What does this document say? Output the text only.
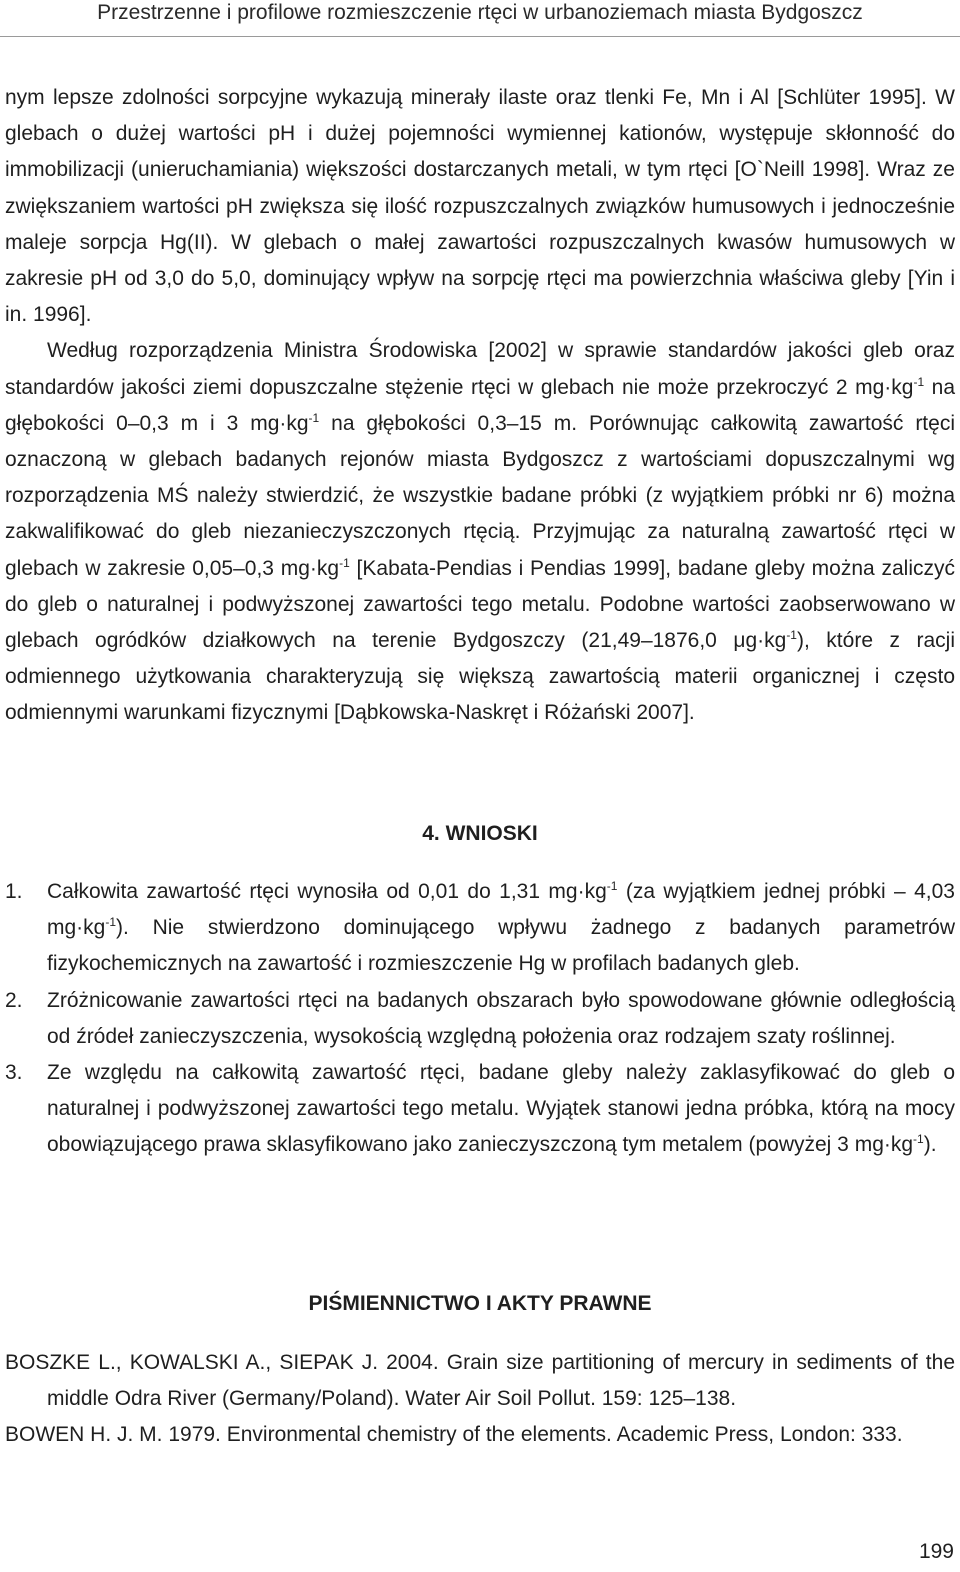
Przestrzenne i profilowe rozmieszczenie rtęci w urbanoziemach miasta Bydgoszcz

nym lepsze zdolności sorpcyjne wykazują minerały ilaste oraz tlenki Fe, Mn i Al [Schlüter 1995]. W glebach o dużej wartości pH i dużej pojemności wymiennej kationów, występuje skłonność do immobilizacji (unieruchamiania) większości dostarczanych metali, w tym rtęci [O`Neill 1998]. Wraz ze zwiększaniem wartości pH zwiększa się ilość rozpuszczalnych związków humusowych i jednocześnie maleje sorpcja Hg(II). W glebach o małej zawartości rozpuszczalnych kwasów humusowych w zakresie pH od 3,0 do 5,0, dominujący wpływ na sorpcję rtęci ma powierzchnia właściwa gleby [Yin i in. 1996].

Według rozporządzenia Ministra Środowiska [2002] w sprawie standardów jakości gleb oraz standardów jakości ziemi dopuszczalne stężenie rtęci w glebach nie może przekroczyć 2 $mg\cdot kg^{-1}$ na głębokości 0–0,3 m i 3 $mg\cdot kg^{-1}$ na głębokości 0,3–15 m. Porównując całkowitą zawartość rtęci oznaczoną w glebach badanych rejonów miasta Bydgoszcz z wartościami dopuszczalnymi wg rozporządzenia MŚ należy stwierdzić, że wszystkie badane próbki (z wyjątkiem próbki nr 6) można zakwalifikować do gleb niezanieczyszczonych rtęcią. Przyjmując za naturalną zawartość rtęci w glebach w zakresie 0,05–0,3 $mg\cdot kg^{-1}$ [Kabata-Pendias i Pendias 1999], badane gleby można zaliczyć do gleb o naturalnej i podwyższonej zawartości tego metalu. Podobne wartości zaobserwowano w glebach ogródków działkowych na terenie Bydgoszczy (21,49–1876,0 $\mu g\cdot kg^{-1}$), które z racji odmiennego użytkowania charakteryzują się większą zawartością materii organicznej i często odmiennymi warunkami fizycznymi [Dąbkowska-Naskręt i Różański 2007].

4. WNIOSKI
1. Całkowita zawartość rtęci wynosiła od 0,01 do 1,31 $mg\cdot kg^{-1}$ (za wyjątkiem jednej próbki – 4,03 $mg\cdot kg^{-1}$). Nie stwierdzono dominującego wpływu żadnego z badanych parametrów fizykochemicznych na zawartość i rozmieszczenie Hg w profilach badanych gleb.
2. Zróżnicowanie zawartości rtęci na badanych obszarach było spowodowane głównie odległością od źródeł zanieczyszczenia, wysokością względną położenia oraz rodzajem szaty roślinnej.
3. Ze względu na całkowitą zawartość rtęci, badane gleby należy zaklasyfikować do gleb o naturalnej i podwyższonej zawartości tego metalu. Wyjątek stanowi jedna próbka, którą na mocy obowiązującego prawa sklasyfikowano jako zanieczyszczoną tym metalem (powyżej 3 $mg\cdot kg^{-1}$).
PIŚMIENNICTWO I AKTY PRAWNE

BOSZKE L., KOWALSKI A., SIEPAK J. 2004. Grain size partitioning of mercury in sediments of the middle Odra River (Germany/Poland). Water Air Soil Pollut. 159: 125–138.

BOWEN H. J. M. 1979. Environmental chemistry of the elements. Academic Press, London: 333.

199
